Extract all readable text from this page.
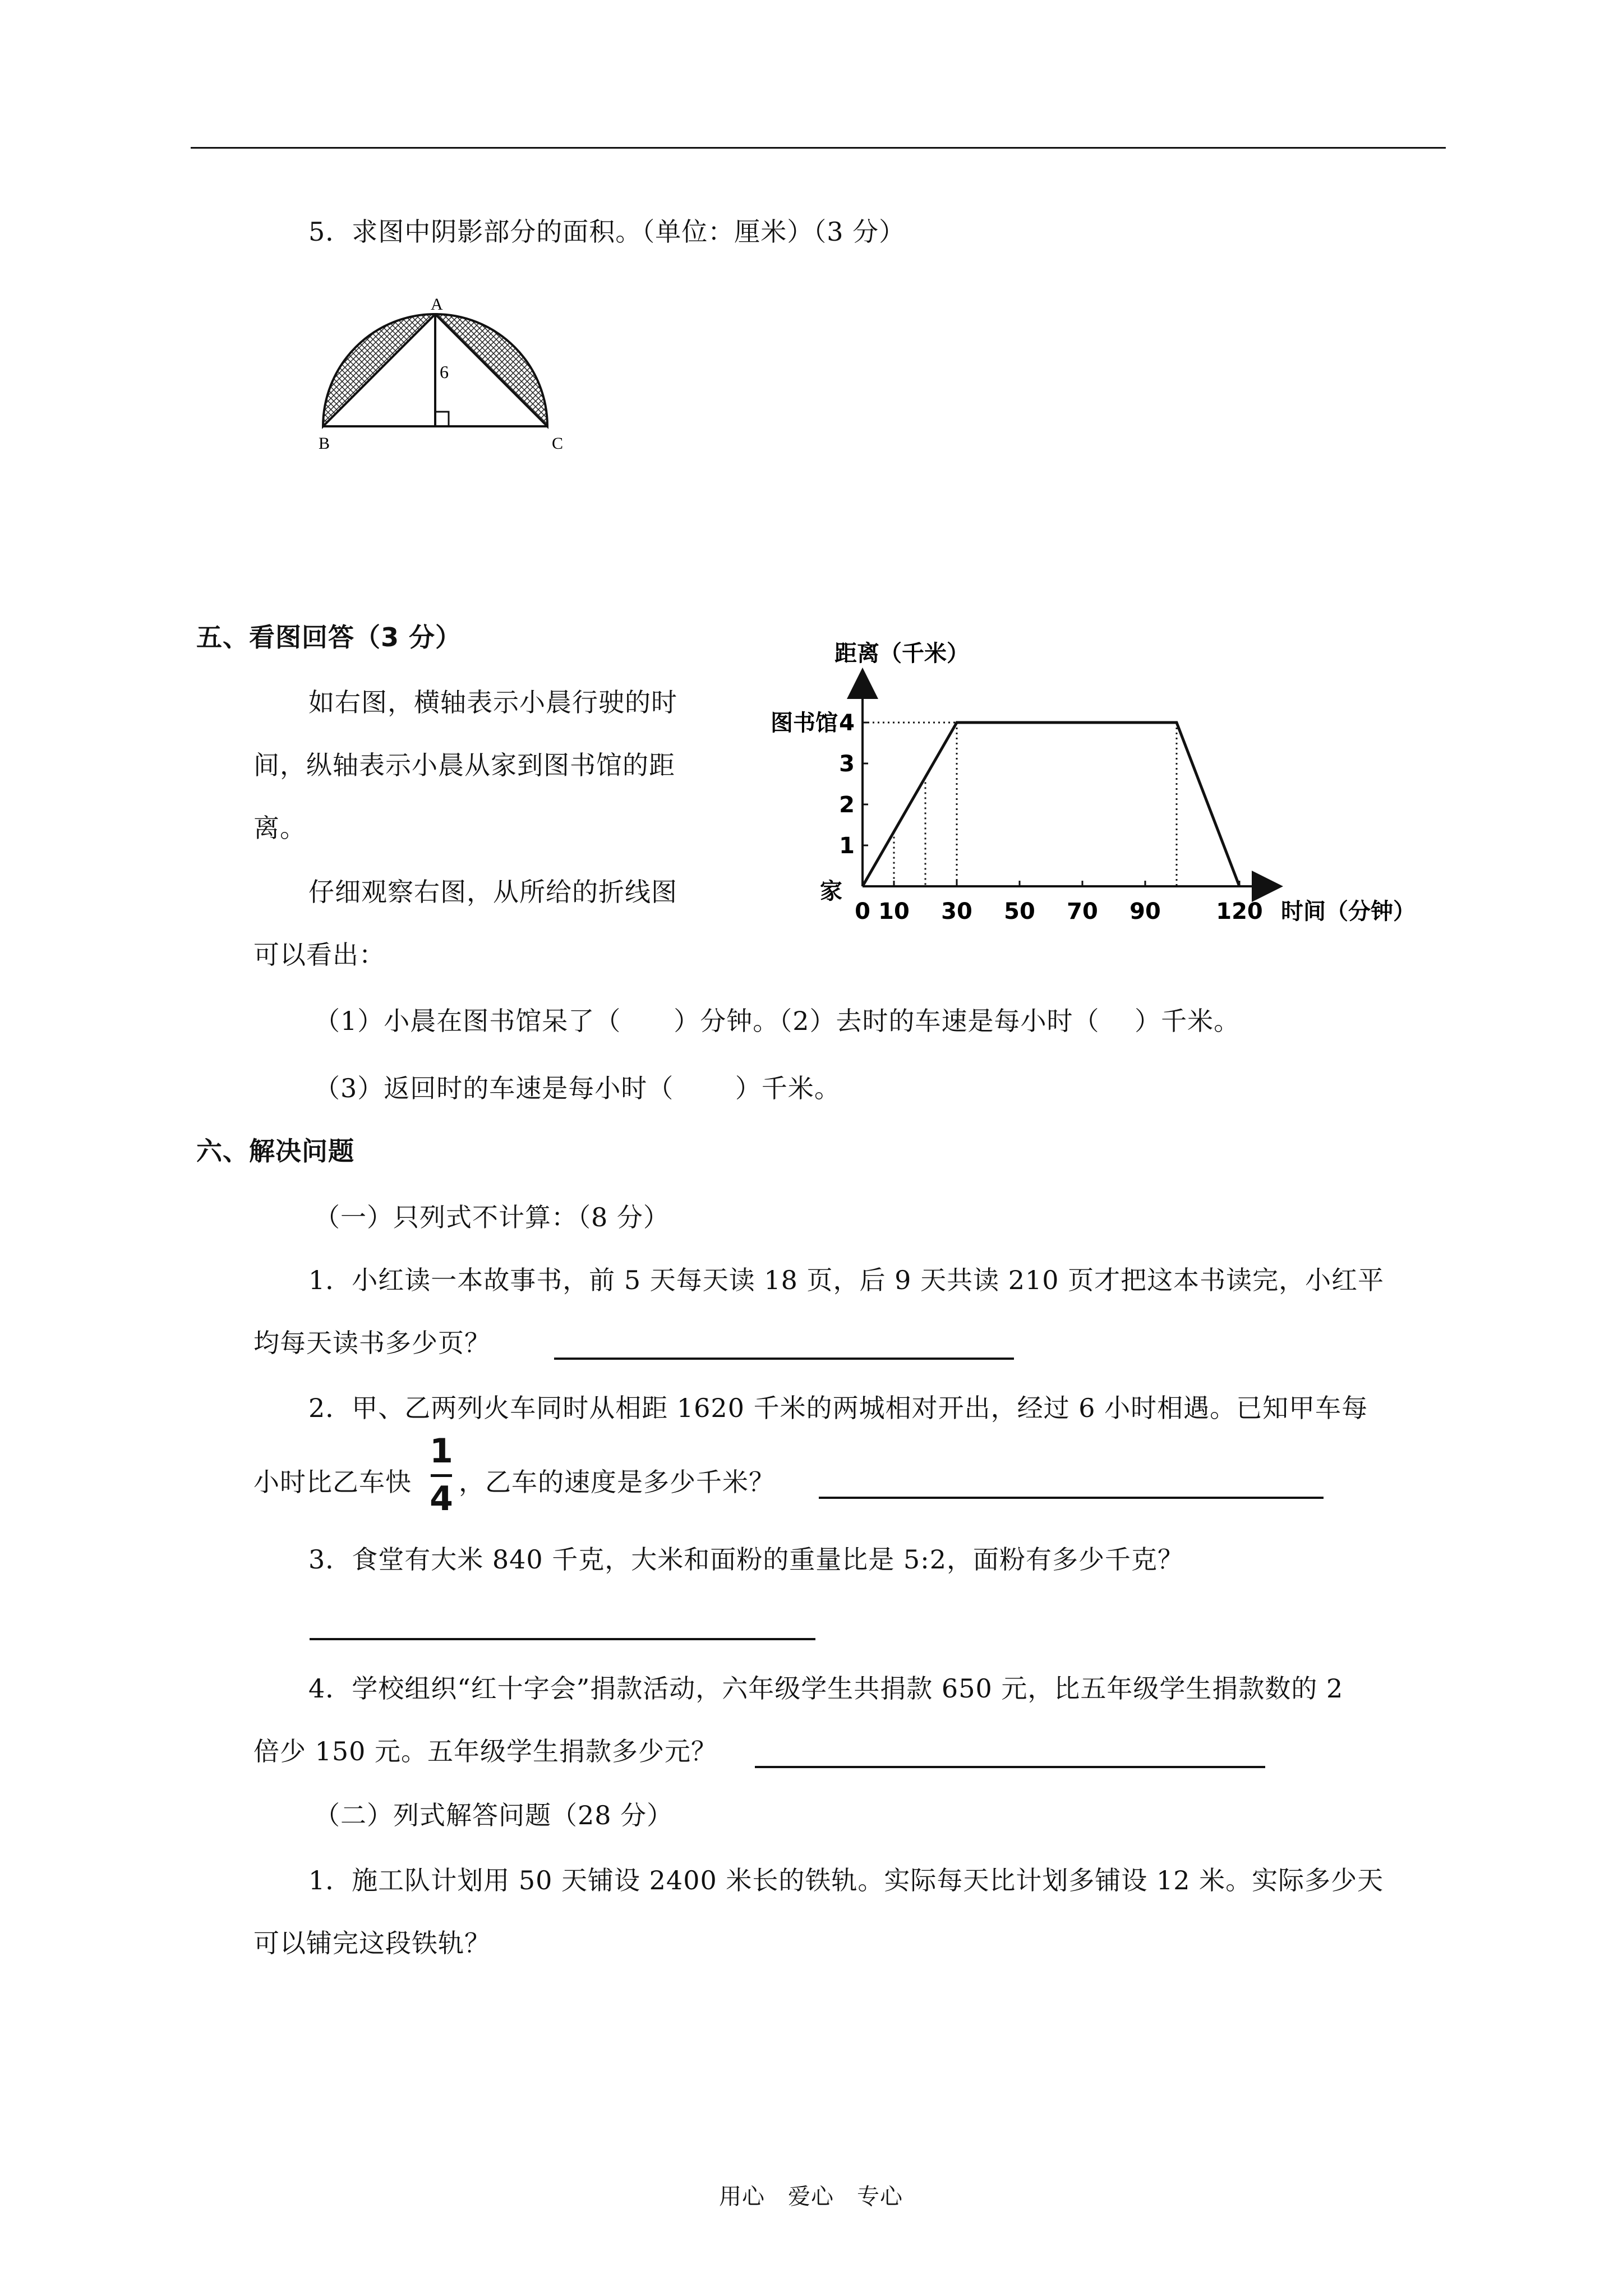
5．求图中阴影部分的面积。（单位：厘米）（3 分）
A
B	C
6
五、看图回答（3 分）
如右图，横轴表示小晨行驶的时
间，纵轴表示小晨从家到图书馆的距
离。
仔细观察右图，从所给的折线图
可以看出：
距离（千米）
时间（分钟）
家
0 10 30 50 70 90 120
1
2
3
4
图书馆
（1）小晨在图书馆呆了（　　）分钟。（2）去时的车速是每小时（　 ）千米。
（3）返回时的车速是每小时（　　 ）千米。
六、解决问题
（一）只列式不计算：（8 分）
1．小红读一本故事书，前 5 天每天读 18 页，后 9 天共读 210 页才把这本书读完，小红平
均每天读书多少页？
2．甲、乙两列火车同时从相距 1620 千米的两城相对开出，经过 6 小时相遇。已知甲车每
小时比乙车快
1
4 ，乙车的速度是多少千米？
3．食堂有大米 840 千克，大米和面粉的重量比是 5:2，面粉有多少千克？
4．学校组织“红十字会”捐款活动，六年级学生共捐款 650 元，比五年级学生捐款数的 2
倍少 150 元。五年级学生捐款多少元？
（二）列式解答问题（28 分）
1．施工队计划用 50 天铺设 2400 米长的铁轨。实际每天比计划多铺设 12 米。实际多少天
可以铺完这段铁轨？
用心　爱心　专心
